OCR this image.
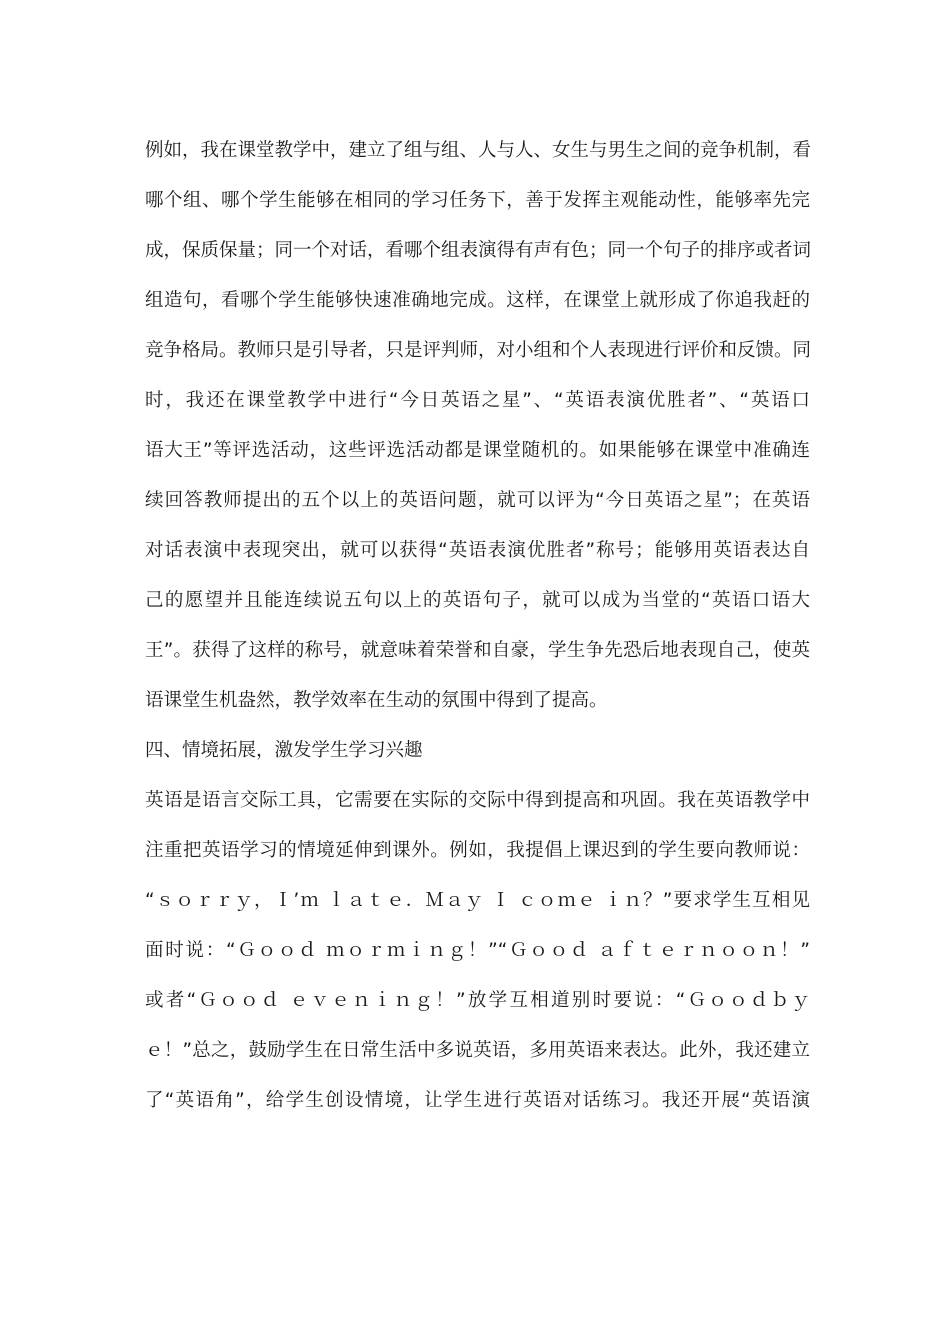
例如，我在课堂教学中，建立了组与组、人与人、女生与男生之间的竞争机制，看
哪个组、哪个学生能够在相同的学习任务下，善于发挥主观能动性，能够率先完
成，保质保量；同一个对话，看哪个组表演得有声有色；同一个句子的排序或者词
组造句，看哪个学生能够快速准确地完成。这样，在课堂上就形成了你追我赶的
竞争格局。教师只是引导者，只是评判师，对小组和个人表现进行评价和反馈。同
时，我还在课堂教学中进行“今日英语之星”、“英语表演优胜者”、“英语口
语大王”等评选活动，这些评选活动都是课堂随机的。如果能够在课堂中准确连
续回答教师提出的五个以上的英语问题，就可以评为“今日英语之星”；在英语
对话表演中表现突出，就可以获得“英语表演优胜者”称号；能够用英语表达自
己的愿望并且能连续说五句以上的英语句子，就可以成为当堂的“英语口语大
王”。获得了这样的称号，就意味着荣誉和自豪，学生争先恐后地表现自己，使英
语课堂生机盎然，教学效率在生动的氛围中得到了提高。
四、情境拓展，激发学生学习兴趣
英语是语言交际工具，它需要在实际的交际中得到提高和巩固。我在英语教学中
注重把英语学习的情境延伸到课外。例如，我提倡上课迟到的学生要向教师说：
“ｓｏｒｒｙ，Ｉ’ｍ ｌａｔｅ．Ｍａｙ Ｉ ｃｏｍｅ ｉｎ？”要求学生互相见
面时说：“Ｇｏｏｄ ｍｏｒｍｉｎｇ！”“Ｇｏｏｄ ａｆｔｅｒｎｏｏｎ！”
或者“Ｇｏｏｄ ｅｖｅｎｉｎｇ！”放学互相道别时要说：“Ｇｏｏｄｂｙ
ｅ！”总之，鼓励学生在日常生活中多说英语，多用英语来表达。此外，我还建立
了“英语角”，给学生创设情境，让学生进行英语对话练习。我还开展“英语演
